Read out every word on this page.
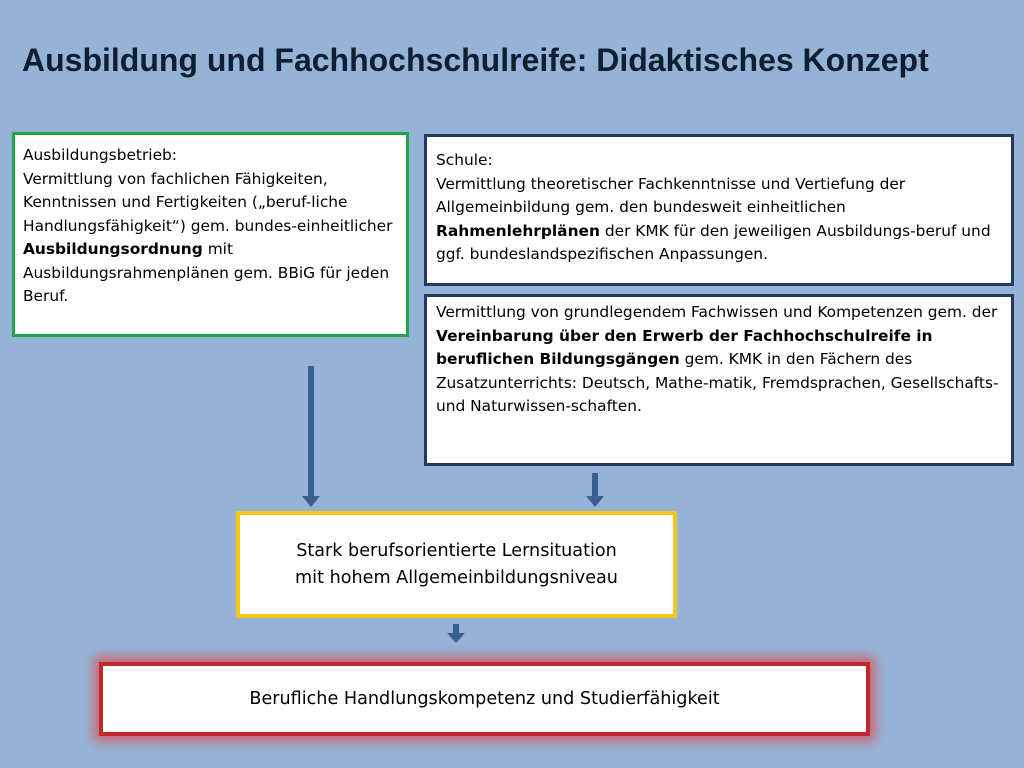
Ausbildung und Fachhochschulreife: Didaktisches Konzept

Ausbildungsbetrieb:

Vermittlung von fachlichen Fähigkeiten, Kenntnissen und Fertigkeiten („beruf-liche Handlungsfähigkeit“) gem. bundes-einheitlicher Ausbildungsordnung mit Ausbildungsrahmenplänen gem. BBiG für jeden Beruf.

Schule:

Vermittlung theoretischer Fachkenntnisse und Vertiefung der Allgemeinbildung gem. den bundesweit einheitlichen Rahmenlehrplänen der KMK für den jeweiligen Ausbildungs-beruf und ggf. bundeslandspezifischen Anpassungen.

Vermittlung von grundlegendem Fachwissen und Kompetenzen gem. der Vereinbarung über den Erwerb der Fachhochschulreife in beruflichen Bildungsgängen gem. KMK in den Fächern des Zusatzunterrichts: Deutsch, Mathe-matik, Fremdsprachen, Gesellschafts- und Naturwissen-schaften.

Stark berufsorientierte Lernsituation
mit hohem Allgemeinbildungsniveau
Berufliche Handlungskompetenz und Studierfähigkeit
